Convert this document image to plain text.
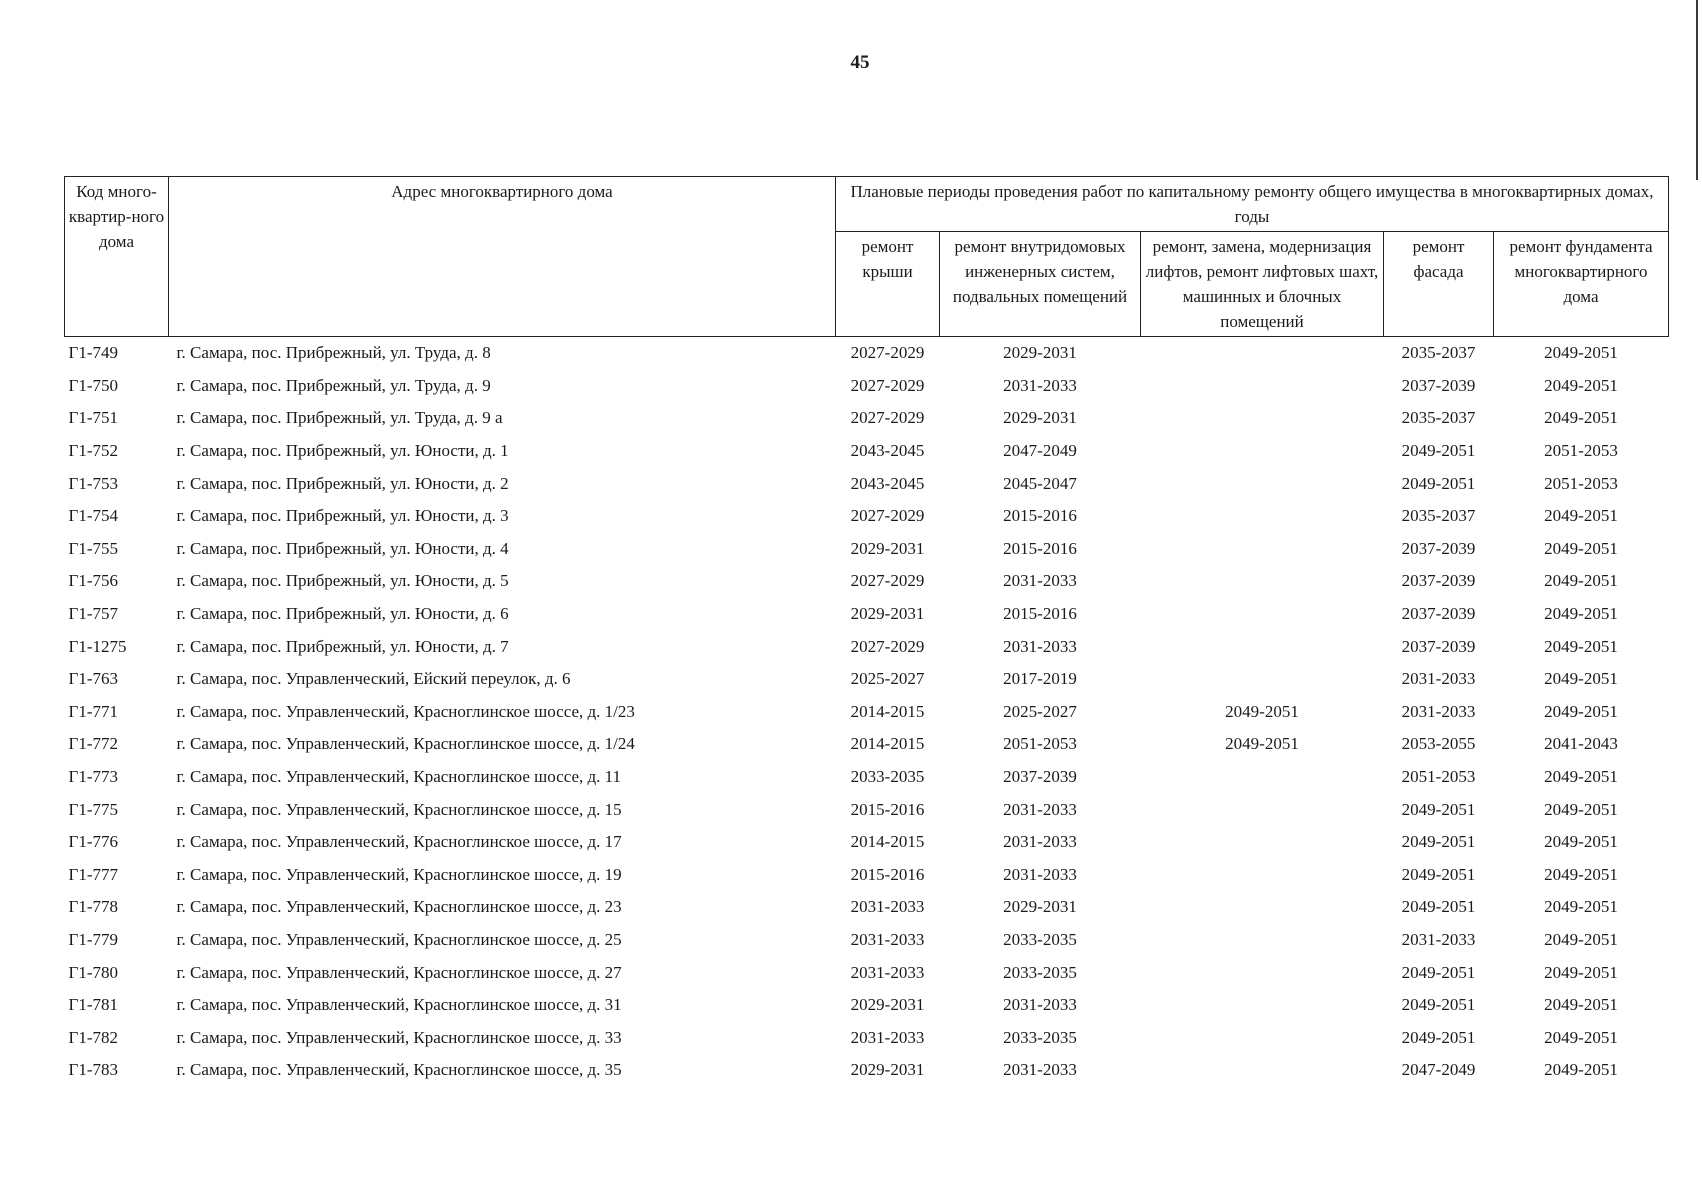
45
Код много-квартир-ного дома	Адрес многоквартирного дома	Плановые периоды проведения работ по капитальному ремонту общего имущества в многоквартирных домах, годы				
		ремонт крыши	ремонт внутридомовых инженерных систем, подвальных помещений	ремонт, замена, модернизация лифтов, ремонт лифтовых шахт, машинных и блочных помещений	ремонт фасада	ремонт фундамента многоквартирного дома
Г1-749	г. Самара, пос. Прибрежный, ул. Труда, д. 8	2027-2029	2029-2031		2035-2037	2049-2051
Г1-750	г. Самара, пос. Прибрежный, ул. Труда, д. 9	2027-2029	2031-2033		2037-2039	2049-2051
Г1-751	г. Самара, пос. Прибрежный, ул. Труда, д. 9 а	2027-2029	2029-2031		2035-2037	2049-2051
Г1-752	г. Самара, пос. Прибрежный, ул. Юности, д. 1	2043-2045	2047-2049		2049-2051	2051-2053
Г1-753	г. Самара, пос. Прибрежный, ул. Юности, д. 2	2043-2045	2045-2047		2049-2051	2051-2053
Г1-754	г. Самара, пос. Прибрежный, ул. Юности, д. 3	2027-2029	2015-2016		2035-2037	2049-2051
Г1-755	г. Самара, пос. Прибрежный, ул. Юности, д. 4	2029-2031	2015-2016		2037-2039	2049-2051
Г1-756	г. Самара, пос. Прибрежный, ул. Юности, д. 5	2027-2029	2031-2033		2037-2039	2049-2051
Г1-757	г. Самара, пос. Прибрежный, ул. Юности, д. 6	2029-2031	2015-2016		2037-2039	2049-2051
Г1-1275	г. Самара, пос. Прибрежный, ул. Юности, д. 7	2027-2029	2031-2033		2037-2039	2049-2051
Г1-763	г. Самара, пос. Управленческий, Ейский переулок, д. 6	2025-2027	2017-2019		2031-2033	2049-2051
Г1-771	г. Самара, пос. Управленческий, Красноглинское шоссе, д. 1/23	2014-2015	2025-2027	2049-2051	2031-2033	2049-2051
Г1-772	г. Самара, пос. Управленческий, Красноглинское шоссе, д. 1/24	2014-2015	2051-2053	2049-2051	2053-2055	2041-2043
Г1-773	г. Самара, пос. Управленческий, Красноглинское шоссе, д. 11	2033-2035	2037-2039		2051-2053	2049-2051
Г1-775	г. Самара, пос. Управленческий, Красноглинское шоссе, д. 15	2015-2016	2031-2033		2049-2051	2049-2051
Г1-776	г. Самара, пос. Управленческий, Красноглинское шоссе, д. 17	2014-2015	2031-2033		2049-2051	2049-2051
Г1-777	г. Самара, пос. Управленческий, Красноглинское шоссе, д. 19	2015-2016	2031-2033		2049-2051	2049-2051
Г1-778	г. Самара, пос. Управленческий, Красноглинское шоссе, д. 23	2031-2033	2029-2031		2049-2051	2049-2051
Г1-779	г. Самара, пос. Управленческий, Красноглинское шоссе, д. 25	2031-2033	2033-2035		2031-2033	2049-2051
Г1-780	г. Самара, пос. Управленческий, Красноглинское шоссе, д. 27	2031-2033	2033-2035		2049-2051	2049-2051
Г1-781	г. Самара, пос. Управленческий, Красноглинское шоссе, д. 31	2029-2031	2031-2033		2049-2051	2049-2051
Г1-782	г. Самара, пос. Управленческий, Красноглинское шоссе, д. 33	2031-2033	2033-2035		2049-2051	2049-2051
Г1-783	г. Самара, пос. Управленческий, Красноглинское шоссе, д. 35	2029-2031	2031-2033		2047-2049	2049-2051
